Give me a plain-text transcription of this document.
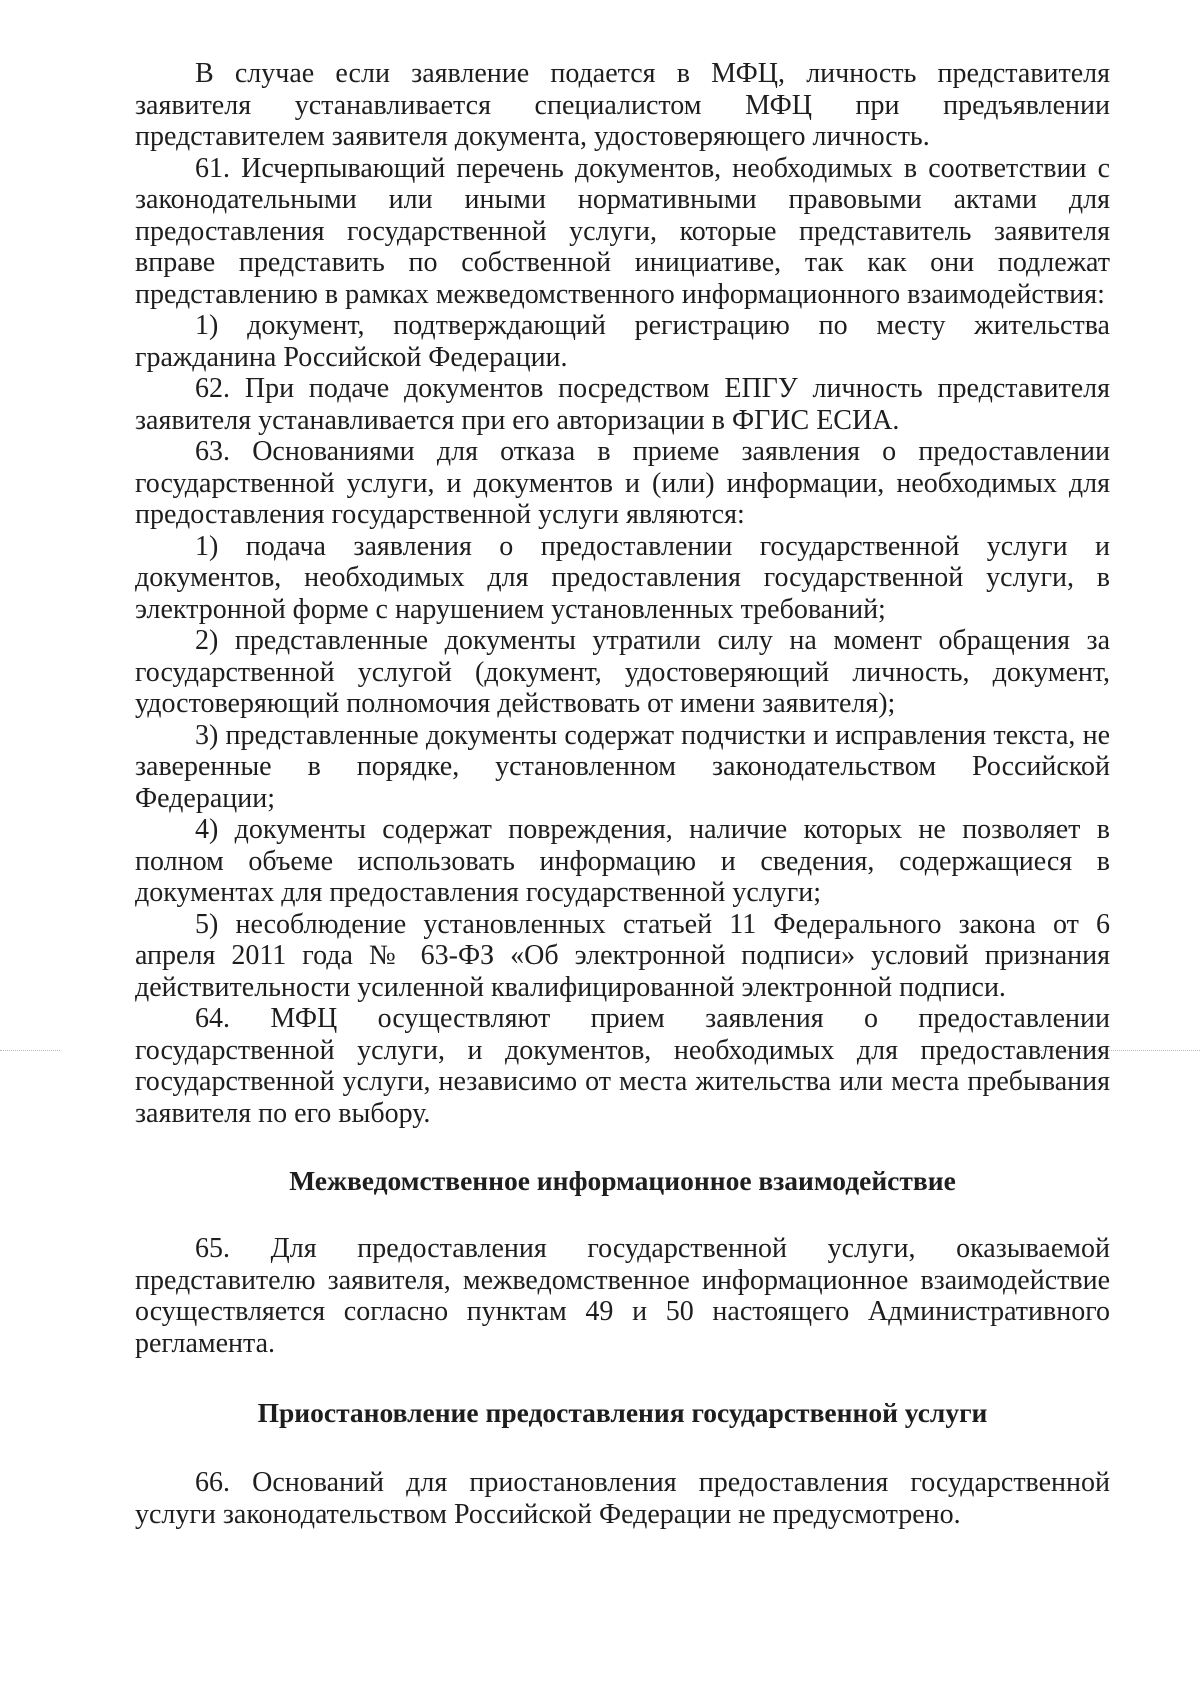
В случае если заявление подается в МФЦ, личность представителя заявителя устанавливается специалистом МФЦ при предъявлении представителем заявителя документа, удостоверяющего личность.

61. Исчерпывающий перечень документов, необходимых в соответствии с законодательными или иными нормативными правовыми актами для предоставления государственной услуги, которые представитель заявителя вправе представить по собственной инициативе, так как они подлежат представлению в рамках межведомственного информационного взаимодействия:

1) документ, подтверждающий регистрацию по месту жительства гражданина Российской Федерации.

62. При подаче документов посредством ЕПГУ личность представителя заявителя устанавливается при его авторизации в ФГИС ЕСИА.

63. Основаниями для отказа в приеме заявления о предоставлении государственной услуги, и документов и (или) информации, необходимых для предоставления государственной услуги являются:

1) подача заявления о предоставлении государственной услуги и документов, необходимых для предоставления государственной услуги, в электронной форме с нарушением установленных требований;

2) представленные документы утратили силу на момент обращения за государственной услугой (документ, удостоверяющий личность, документ, удостоверяющий полномочия действовать от имени заявителя);

3) представленные документы содержат подчистки и исправления текста, не заверенные в порядке, установленном законодательством Российской Федерации;

4) документы содержат повреждения, наличие которых не позволяет в полном объеме использовать информацию и сведения, содержащиеся в документах для предоставления государственной услуги;

5) несоблюдение установленных статьей 11 Федерального закона от 6 апреля 2011 года № 63-ФЗ «Об электронной подписи» условий признания действительности усиленной квалифицированной электронной подписи.

64. МФЦ осуществляют прием заявления о предоставлении государственной услуги, и документов, необходимых для предоставления государственной услуги, независимо от места жительства или места пребывания заявителя по его выбору.

Межведомственное информационное взаимодействие

65. Для предоставления государственной услуги, оказываемой представителю заявителя, межведомственное информационное взаимодействие осуществляется согласно пунктам 49 и 50 настоящего Административного регламента.

Приостановление предоставления государственной услуги

66. Оснований для приостановления предоставления государственной услуги законодательством Российской Федерации не предусмотрено.
